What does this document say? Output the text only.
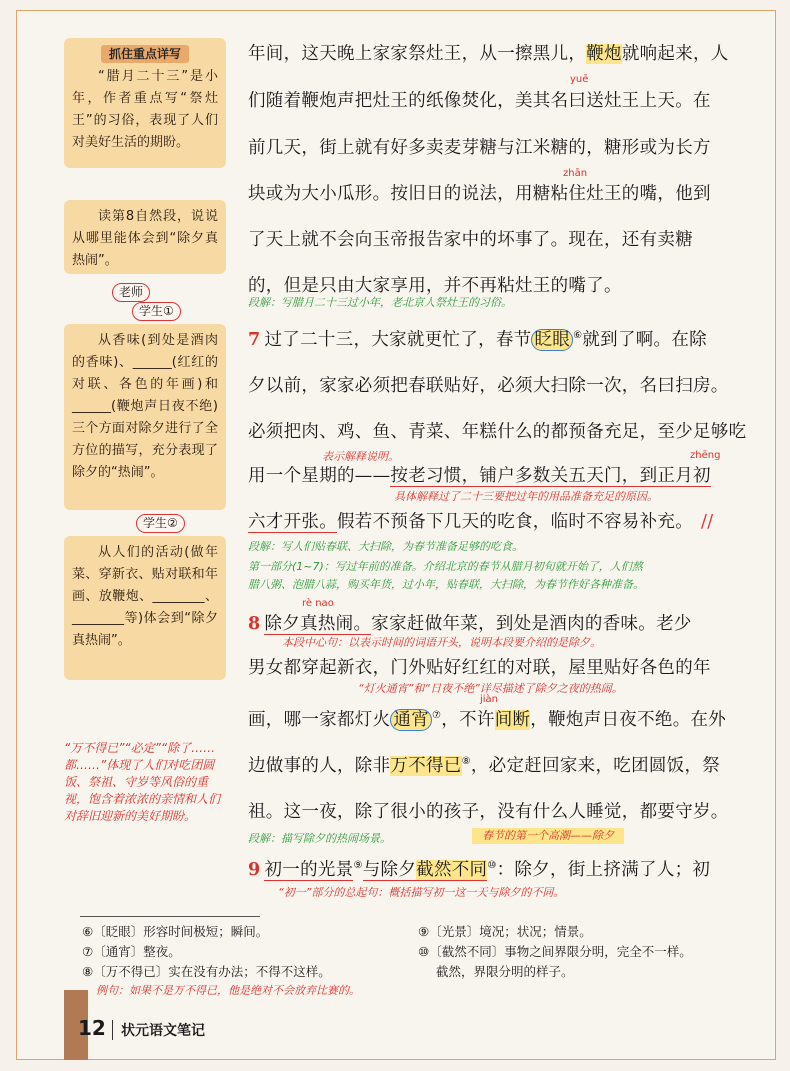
抓住重点详写
“腊月二十三”是小年，作者重点写“祭灶王”的习俗，表现了人们对美好生活的期盼。
读第8自然段，说说从哪里能体会到“除夕真热闹”。
老师
学生①
从香味(到处是酒肉的香味)、______(红红的对联、各色的年画)和______(鞭炮声日夜不绝)三个方面对除夕进行了全方位的描写，充分表现了除夕的“热闹”。
学生②
从人们的活动(做年菜、穿新衣、贴对联和年画、放鞭炮、________、________等)体会到“除夕真热闹”。
“万不得已”“必定”“除了……都……”体现了人们对吃团圆饭、祭祖、守岁等风俗的重视，饱含着浓浓的亲情和人们对辞旧迎新的美好期盼。
年间，这天晚上家家祭灶王，从一擦黑儿，鞭炮就响起来，人
yuē
们随着鞭炮声把灶王的纸像焚化，美其名曰送灶王上天。在
前几天，街上就有好多卖麦芽糖与江米糖的，糖形或为长方
zhān
块或为大小瓜形。按旧日的说法，用糖粘住灶王的嘴，他到
了天上就不会向玉帝报告家中的坏事了。现在，还有卖糖
的，但是只由大家享用，并不再粘灶王的嘴了。
段解：写腊月二十三过小年，老北京人祭灶王的习俗。
7 过了二十三，大家就更忙了，春节 眨眼 ⑥就到了啊。在除
夕以前，家家必须把春联贴好，必须大扫除一次，名曰扫房。
必须把肉、鸡、鱼、青菜、年糕什么的都预备充足，至少足够吃
表示解释说明。	zhēng
用一个星期的——按老习惯，铺户多数关五天门，到正月初
具体解释过了二十三要把过年的用品准备充足的原因。
六才开张。假若不预备下几天的吃食，临时不容易补充。 //
段解：写人们贴春联、大扫除，为春节准备足够的吃食。
第一部分(1~7)：写过年前的准备。介绍北京的春节从腊月初旬就开始了，人们熬
腊八粥、泡腊八蒜，购买年货，过小年，贴春联，大扫除，为春节作好各种准备。
rè nao
8 除夕真热闹。家家赶做年菜，到处是酒肉的香味。老少
本段中心句：以表示时间的词语开头，说明本段要介绍的是除夕。
男女都穿起新衣，门外贴好红红的对联，屋里贴好各色的年
“灯火通宵”和“日夜不绝”详尽描述了除夕之夜的热闹。
jiàn
画，哪一家都灯火 通宵 ⑦，不许间断，鞭炮声日夜不绝。在外
边做事的人，除非万不得已⑧，必定赶回家来，吃团圆饭，祭
祖。这一夜，除了很小的孩子，没有什么人睡觉，都要守岁。
段解：描写除夕的热闹场景。	春节的第一个高潮——除夕
9 初一的光景⑨与除夕截然不同⑩：除夕，街上挤满了人；初
“初一”部分的总起句：概括描写初一这一天与除夕的不同。
⑥〔眨眼〕形容时间极短；瞬间。
⑦〔通宵〕整夜。
⑧〔万不得已〕实在没有办法；不得不这样。
例句：如果不是万不得已，他是绝对不会放弃比赛的。
⑨〔光景〕境况；状况；情景。
⑩〔截然不同〕事物之间界限分明，完全不一样。
截然，界限分明的样子。
12	状元语文笔记
